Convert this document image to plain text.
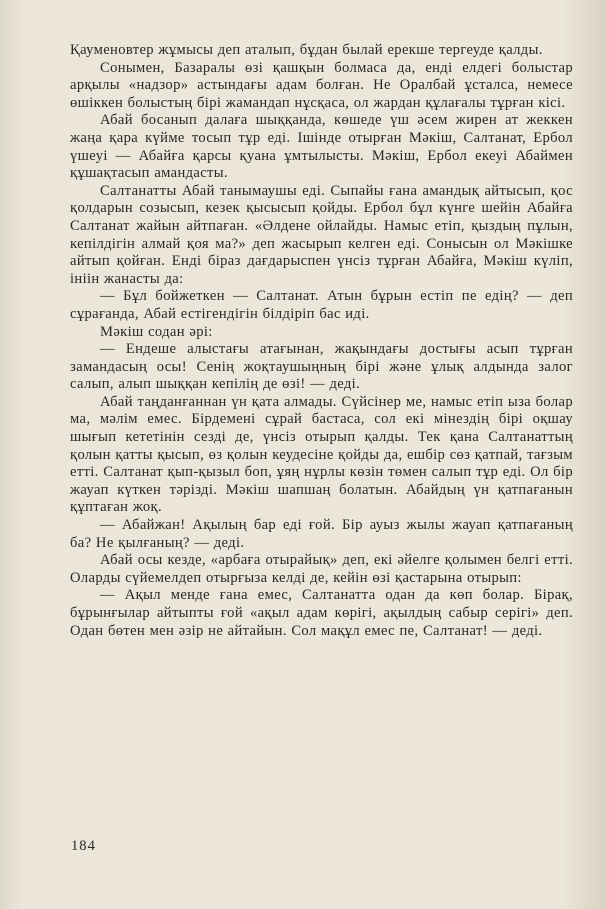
Қауменовтер жұмысы деп аталып, бұдан былай ерекше тергеуде қалды.

Сонымен, Базаралы өзі қашқын болмаса да, енді елдегі болыстар арқылы «надзор» астындағы адам болған. Не Оралбай ұсталса, немесе өшіккен болыстың бірі жамандап нұсқаса, ол жардан құлағалы тұрған кісі.

Абай босанып далаға шыққанда, көшеде үш әсем жирен ат жеккен жаңа қара күйме тосып тұр еді. Ішінде отырған Мәкіш, Салтанат, Ербол үшеуі — Абайға қарсы қуана ұмтылысты. Мәкіш, Ербол екеуі Абаймен құшақтасып амандасты.

Салтанатты Абай танымаушы еді. Сыпайы ғана амандық айтысып, қос қолдарын созысып, кезек қысысып қойды. Ербол бұл күнге шейін Абайға Салтанат жайын айтпаған. «Әлдене ойлайды. Намыс етіп, қыздың пұлын, кепілдігін алмай қоя ма?» деп жасырып келген еді. Сонысын ол Мәкішке айтып қойған. Енді біраз дағдарыспен үнсіз тұрған Абайға, Мәкіш күліп, ініін жанасты да:

— Бұл бойжеткен — Салтанат. Атын бұрын естіп пе едің? — деп сұрағанда, Абай естігендігін білдіріп бас иді.

Мәкіш содан әрі:

— Ендеше алыстағы атағынан, жақындағы достығы асып тұрған замандасың осы! Сенің жоқтаушыңның бірі және ұлық алдында залог салып, алып шыққан кепілің де өзі! — деді.

Абай таңданғаннан үн қата алмады. Сүйсінер ме, намыс етіп ыза болар ма, мәлім емес. Бірдемені сұрай бастаса, сол екі мінездің бірі оқшау шығып кететінін сезді де, үнсіз отырып қалды. Тек қана Салтанаттың қолын қатты қысып, өз қолын кеудесіне қойды да, ешбір сөз қатпай, тағзым етті. Салтанат қып-қызыл боп, ұяң нұрлы көзін төмен салып тұр еді. Ол бір жауап күткен тәрізді. Мәкіш шапшаң болатын. Абайдың үн қатпағанын құптаған жоқ.

— Абайжан! Ақылың бар еді ғой. Бір ауыз жылы жауап қатпағаның ба? Не қылғаның? — деді.

Абай осы кезде, «арбаға отырайық» деп, екі әйелге қолымен белгі етті. Оларды сүйемелдеп отырғыза келді де, кейін өзі қастарына отырып:

— Ақыл менде ғана емес, Салтанатта одан да көп болар. Бірақ, бұрынғылар айтыпты ғой «ақыл адам көрігі, ақылдың сабыр серігі» деп. Одан бөтен мен әзір не айтайын. Сол мақұл емес пе, Салтанат! — деді.

184
